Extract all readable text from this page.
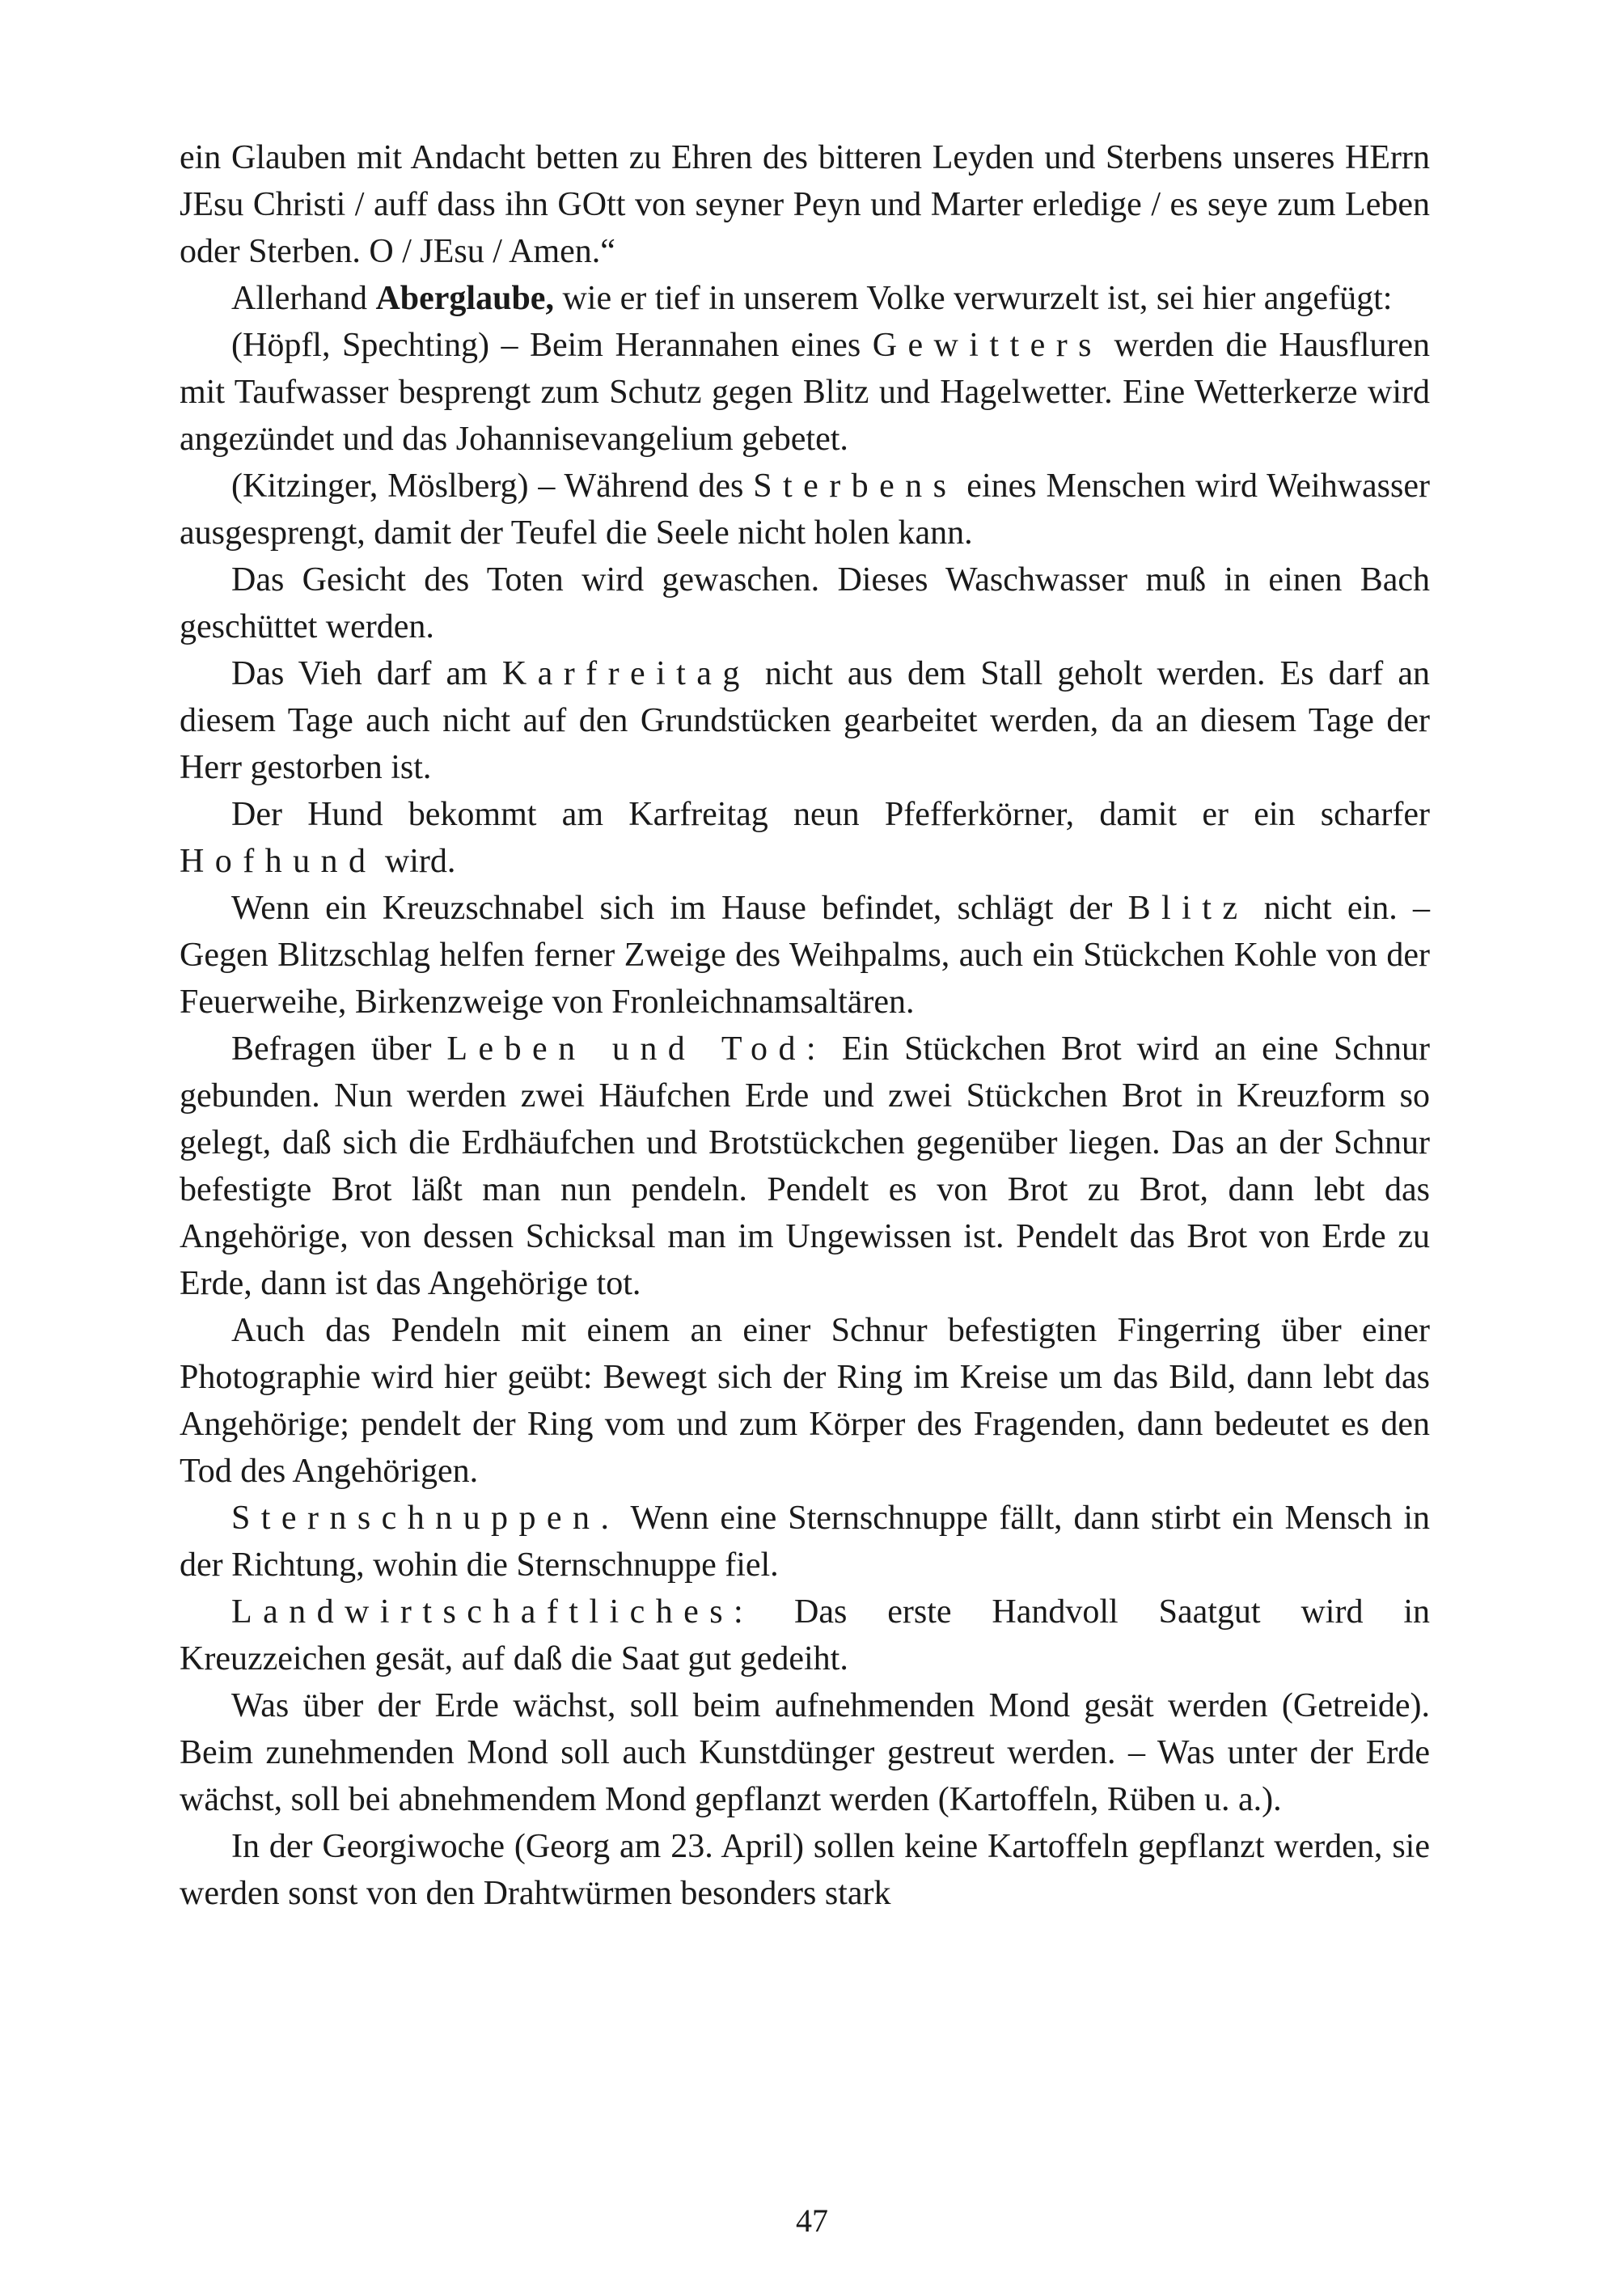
ein Glauben mit Andacht betten zu Ehren des bitteren Leyden und Sterbens unseres HErrn JEsu Christi / auff dass ihn GOtt von seyner Peyn und Marter erledige / es seye zum Leben oder Sterben. O / JEsu / Amen.“

Allerhand Aberglaube, wie er tief in unserem Volke verwurzelt ist, sei hier angefügt:

(Höpfl, Spechting) – Beim Herannahen eines Gewitters werden die Hausfluren mit Taufwasser besprengt zum Schutz gegen Blitz und Hagelwetter. Eine Wetterkerze wird angezündet und das Johannisevangelium gebetet.

(Kitzinger, Möslberg) – Während des Sterbens eines Menschen wird Weihwasser ausgesprengt, damit der Teufel die Seele nicht holen kann.

Das Gesicht des Toten wird gewaschen. Dieses Waschwasser muß in einen Bach geschüttet werden.

Das Vieh darf am Karfreitag nicht aus dem Stall geholt werden. Es darf an diesem Tage auch nicht auf den Grundstücken gearbeitet werden, da an diesem Tage der Herr gestorben ist.

Der Hund bekommt am Karfreitag neun Pfefferkörner, damit er ein scharfer Hofhund wird.

Wenn ein Kreuzschnabel sich im Hause befindet, schlägt der Blitz nicht ein. – Gegen Blitzschlag helfen ferner Zweige des Weihpalms, auch ein Stückchen Kohle von der Feuerweihe, Birkenzweige von Fronleichnamsaltären.

Befragen über Leben und Tod: Ein Stückchen Brot wird an eine Schnur gebunden. Nun werden zwei Häufchen Erde und zwei Stückchen Brot in Kreuzform so gelegt, daß sich die Erdhäufchen und Brotstückchen gegenüber liegen. Das an der Schnur befestigte Brot läßt man nun pendeln. Pendelt es von Brot zu Brot, dann lebt das Angehörige, von dessen Schicksal man im Ungewissen ist. Pendelt das Brot von Erde zu Erde, dann ist das Angehörige tot.

Auch das Pendeln mit einem an einer Schnur befestigten Fingerring über einer Photographie wird hier geübt: Bewegt sich der Ring im Kreise um das Bild, dann lebt das Angehörige; pendelt der Ring vom und zum Körper des Fragenden, dann bedeutet es den Tod des Angehörigen.

Sternschnuppen. Wenn eine Sternschnuppe fällt, dann stirbt ein Mensch in der Richtung, wohin die Sternschnuppe fiel.

Landwirtschaftliches: Das erste Handvoll Saatgut wird in Kreuzzeichen gesät, auf daß die Saat gut gedeiht.

Was über der Erde wächst, soll beim aufnehmenden Mond gesät werden (Getreide). Beim zunehmenden Mond soll auch Kunstdünger gestreut werden. – Was unter der Erde wächst, soll bei abnehmendem Mond gepflanzt werden (Kartoffeln, Rüben u. a.).

In der Georgiwoche (Georg am 23. April) sollen keine Kartoffeln gepflanzt werden, sie werden sonst von den Drahtwürmen besonders stark

47
